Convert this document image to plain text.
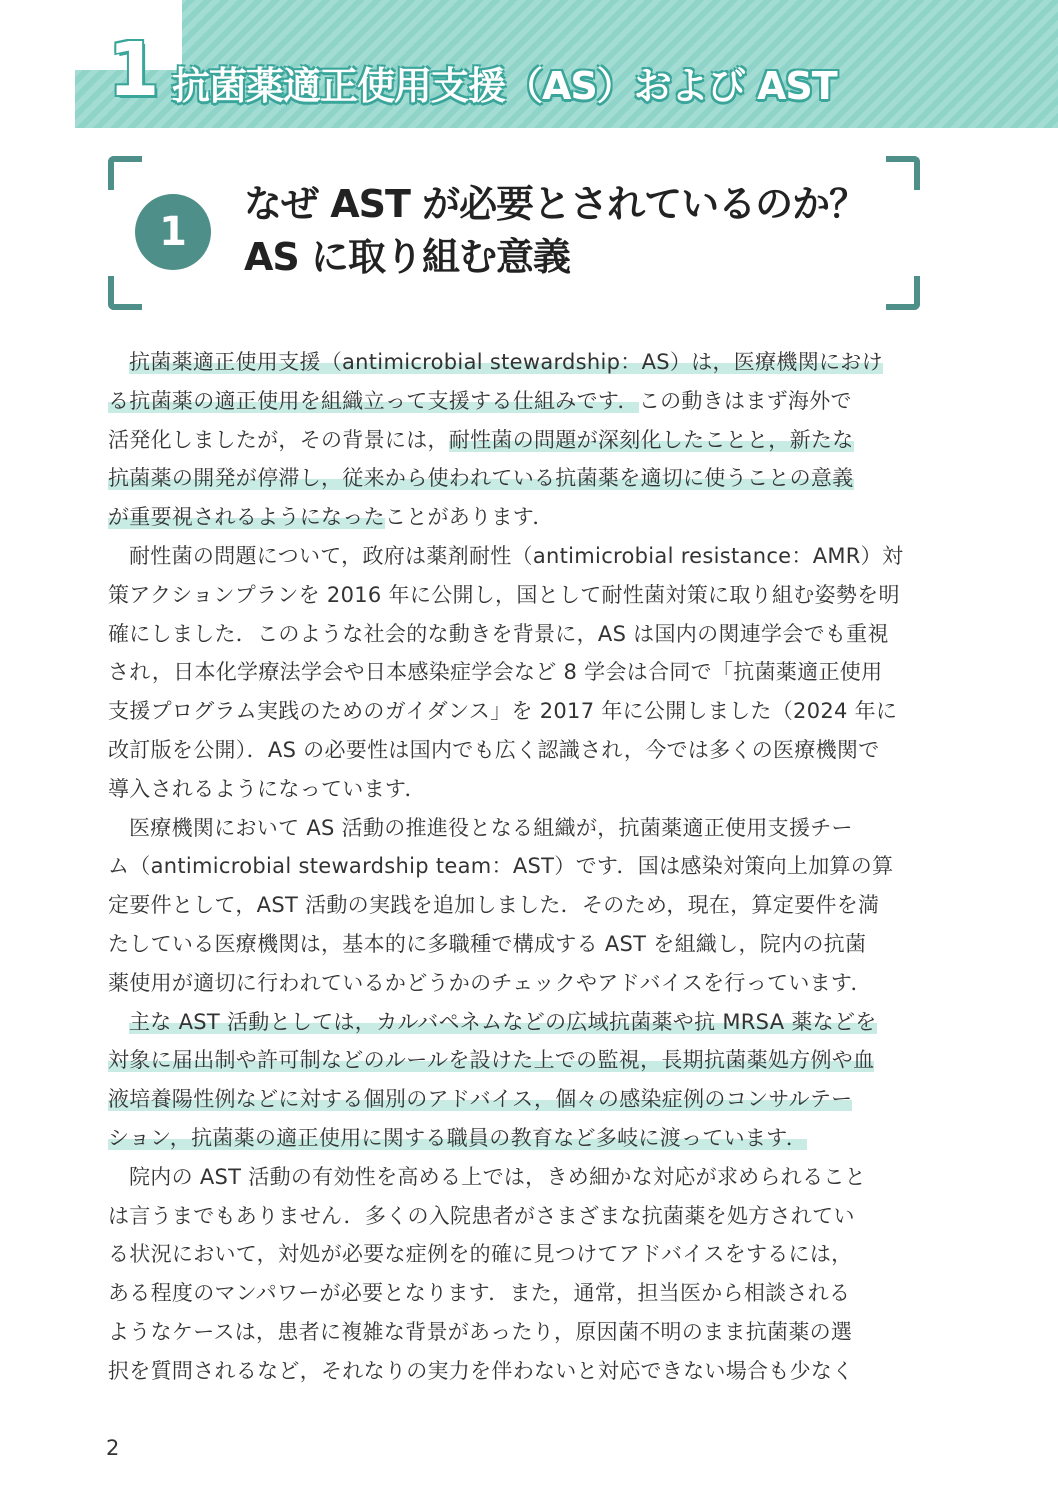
1 抗菌薬適正使用支援（AS）および AST
1
なぜ AST が必要とされているのか？
AS に取り組む意義
抗菌薬適正使用支援（antimicrobial stewardship：AS）は，医療機関におけ
る抗菌薬の適正使用を組織立って支援する仕組みです．この動きはまず海外で
活発化しましたが，その背景には，耐性菌の問題が深刻化したことと，新たな
抗菌薬の開発が停滞し，従来から使われている抗菌薬を適切に使うことの意義
が重要視されるようになったことがあります．
耐性菌の問題について，政府は薬剤耐性（antimicrobial resistance：AMR）対
策アクションプランを 2016 年に公開し，国として耐性菌対策に取り組む姿勢を明
確にしました．このような社会的な動きを背景に，AS は国内の関連学会でも重視
され，日本化学療法学会や日本感染症学会など 8 学会は合同で「抗菌薬適正使用
支援プログラム実践のためのガイダンス」を 2017 年に公開しました（2024 年に
改訂版を公開）．AS の必要性は国内でも広く認識され，今では多くの医療機関で
導入されるようになっています．
医療機関において AS 活動の推進役となる組織が，抗菌薬適正使用支援チー
ム（antimicrobial stewardship team：AST）です．国は感染対策向上加算の算
定要件として，AST 活動の実践を追加しました．そのため，現在，算定要件を満
たしている医療機関は，基本的に多職種で構成する AST を組織し，院内の抗菌
薬使用が適切に行われているかどうかのチェックやアドバイスを行っています．
主な AST 活動としては，カルバペネムなどの広域抗菌薬や抗 MRSA 薬などを
対象に届出制や許可制などのルールを設けた上での監視，長期抗菌薬処方例や血
液培養陽性例などに対する個別のアドバイス，個々の感染症例のコンサルテー
ション，抗菌薬の適正使用に関する職員の教育など多岐に渡っています．
院内の AST 活動の有効性を高める上では，きめ細かな対応が求められること
は言うまでもありません．多くの入院患者がさまざまな抗菌薬を処方されてい
る状況において，対処が必要な症例を的確に見つけてアドバイスをするには，
ある程度のマンパワーが必要となります．また，通常，担当医から相談される
ようなケースは，患者に複雑な背景があったり，原因菌不明のまま抗菌薬の選
択を質問されるなど，それなりの実力を伴わないと対応できない場合も少なく
2
